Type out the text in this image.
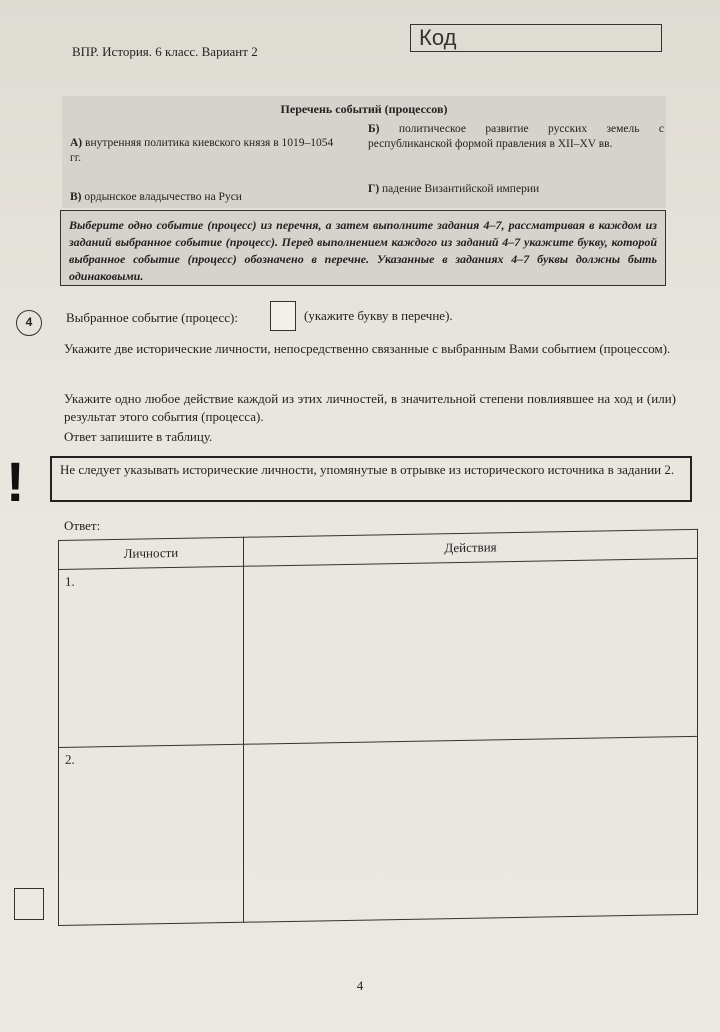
ВПР. История. 6 класс. Вариант 2
Код
Перечень событий (процессов)
А) внутренняя политика киевского князя в 1019–1054 гг.
Б) политическое развитие русских земель с республиканской формой правления в XII–XV вв.
В) ордынское владычество на Руси
Г) падение Византийской империи
Выберите одно событие (процесс) из перечня, а затем выполните задания 4–7, рассматривая в каждом из заданий выбранное событие (процесс). Перед выполнением каждого из заданий 4–7 укажите букву, которой выбранное событие (процесс) обозначено в перечне. Указанные в заданиях 4–7 буквы должны быть одинаковыми.
4	Выбранное событие (процесс):	(укажите букву в перечне).
Укажите две исторические личности, непосредственно связанные с выбранным Вами событием (процессом).
Укажите одно любое действие каждой из этих личностей, в значительной степени повлиявшее на ход и (или) результат этого события (процесса).
Ответ запишите в таблицу.
!	Не следует указывать исторические личности, упомянутые в отрывке из исторического источника в задании 2.
Ответ:
Личности	Действия
1.	
2.	
4
